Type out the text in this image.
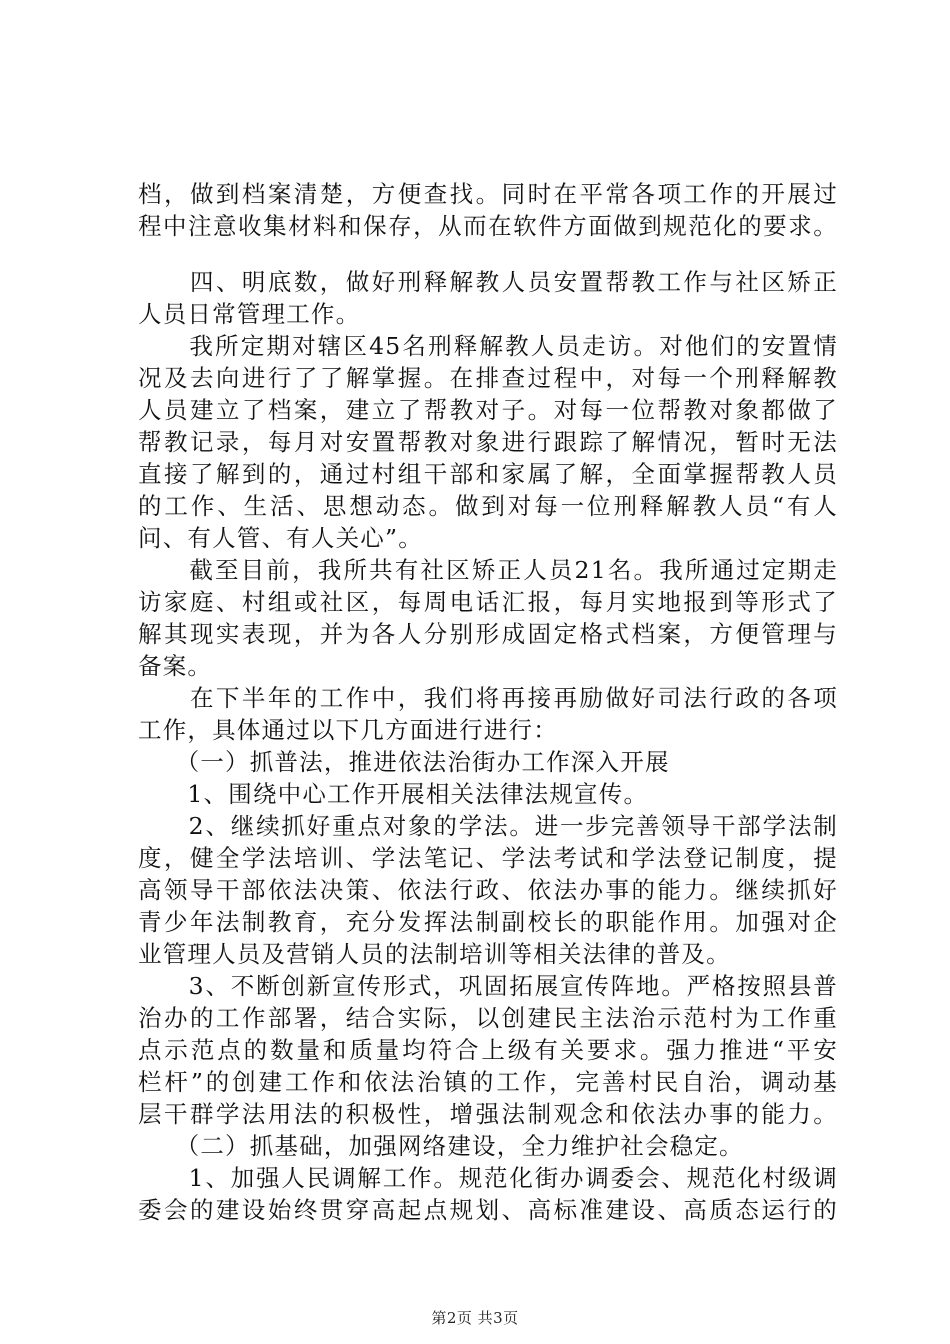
档，做到档案清楚，方便查找。同时在平常各项工作的开展过
程中注意收集材料和保存，从而在软件方面做到规范化的要求。
　　四、明底数，做好刑释解教人员安置帮教工作与社区矫正
人员日常管理工作。
　　我所定期对辖区45名刑释解教人员走访。对他们的安置情
况及去向进行了了解掌握。在排查过程中，对每一个刑释解教
人员建立了档案，建立了帮教对子。对每一位帮教对象都做了
帮教记录，每月对安置帮教对象进行跟踪了解情况，暂时无法
直接了解到的，通过村组干部和家属了解，全面掌握帮教人员
的工作、生活、思想动态。做到对每一位刑释解教人员“有人
问、有人管、有人关心”。
　　截至目前，我所共有社区矫正人员21名。我所通过定期走
访家庭、村组或社区，每周电话汇报，每月实地报到等形式了
解其现实表现，并为各人分别形成固定格式档案，方便管理与
备案。
　　在下半年的工作中，我们将再接再励做好司法行政的各项
工作，具体通过以下几方面进行进行：
　　（一）抓普法，推进依法治街办工作深入开展
　　1、围绕中心工作开展相关法律法规宣传。
　　2、继续抓好重点对象的学法。进一步完善领导干部学法制
度，健全学法培训、学法笔记、学法考试和学法登记制度，提
高领导干部依法决策、依法行政、依法办事的能力。继续抓好
青少年法制教育，充分发挥法制副校长的职能作用。加强对企
业管理人员及营销人员的法制培训等相关法律的普及。
　　3、不断创新宣传形式，巩固拓展宣传阵地。严格按照县普
治办的工作部署，结合实际，以创建民主法治示范村为工作重
点示范点的数量和质量均符合上级有关要求。强力推进“平安
栏杆”的创建工作和依法治镇的工作，完善村民自治，调动基
层干群学法用法的积极性，增强法制观念和依法办事的能力。
　　（二）抓基础，加强网络建设，全力维护社会稳定。
　　1、加强人民调解工作。规范化街办调委会、规范化村级调
委会的建设始终贯穿高起点规划、高标准建设、高质态运行的
第2页 共3页
